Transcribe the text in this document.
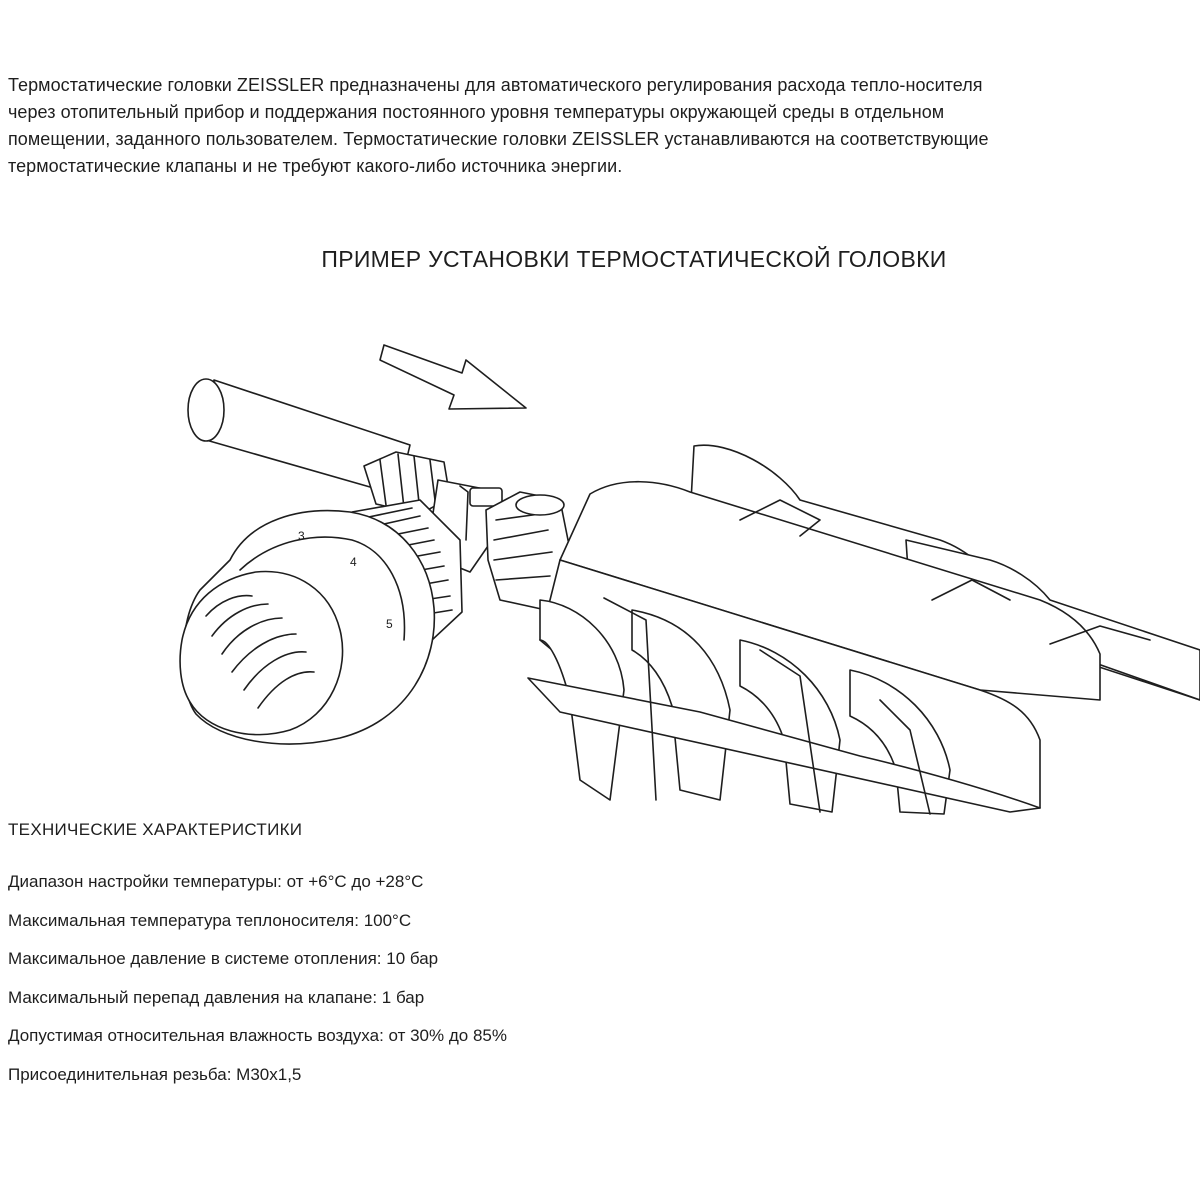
Термостатические головки ZEISSLER предназначены для автоматического регулирования расхода тепло-носителя
через отопительный прибор и поддержания постоянного уровня температуры окружающей среды в отдельном
помещении, заданного пользователем. Термостатические головки ZEISSLER устанавливаются на соответствующие
термостатические клапаны и не требуют какого-либо источника энергии.

ПРИМЕР УСТАНОВКИ ТЕРМОСТАТИЧЕСКОЙ ГОЛОВКИ
3
4
5
ТЕХНИЧЕСКИЕ ХАРАКТЕРИСТИКИ
Диапазон настройки температуры: от +6°С до +28°С
Максимальная температура теплоносителя: 100°С
Максимальное давление в системе отопления: 10 бар
Максимальный перепад давления на клапане: 1 бар
Допустимая относительная влажность воздуха: от 30% до 85%
Присоединительная резьба: М30х1,5
